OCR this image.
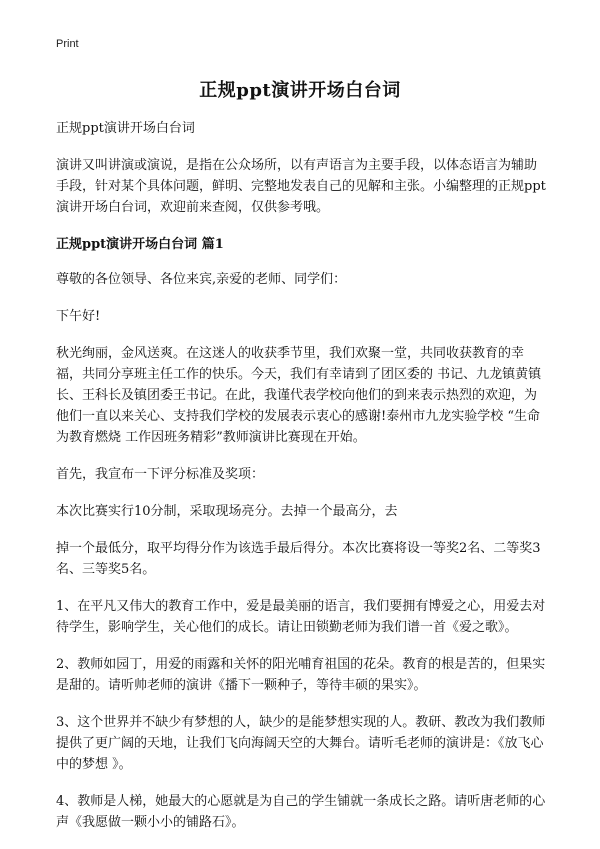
Print
正规ppt演讲开场白台词

正规ppt演讲开场白台词

演讲又叫讲演或演说，是指在公众场所，以有声语言为主要手段，以体态语言为辅助手段，针对某个具体问题，鲜明、完整地发表自己的见解和主张。小编整理的正规ppt演讲开场白台词，欢迎前来查阅，仅供参考哦。

正规ppt演讲开场白台词 篇1

尊敬的各位领导、各位来宾,亲爱的老师、同学们：

下午好!

秋光绚丽，金风送爽。在这迷人的收获季节里，我们欢聚一堂，共同收获教育的幸福，共同分享班主任工作的快乐。今天，我们有幸请到了团区委的 书记、九龙镇黄镇长、王科长及镇团委王书记。在此，我谨代表学校向他们的到来表示热烈的欢迎，为他们一直以来关心、支持我们学校的发展表示衷心的感谢!泰州市九龙实验学校 “生命为教育燃烧 工作因班务精彩”教师演讲比赛现在开始。

首先，我宣布一下评分标准及奖项：

本次比赛实行10分制，采取现场亮分。去掉一个最高分，去

掉一个最低分，取平均得分作为该选手最后得分。本次比赛将设一等奖2名、二等奖3名、三等奖5名。

1、在平凡又伟大的教育工作中，爱是最美丽的语言，我们要拥有博爱之心，用爱去对待学生，影响学生，关心他们的成长。请让田锁勤老师为我们谱一首《爱之歌》。

2、教师如园丁，用爱的雨露和关怀的阳光哺育祖国的花朵。教育的根是苦的，但果实是甜的。请听帅老师的演讲《播下一颗种子，等待丰硕的果实》。

3、这个世界并不缺少有梦想的人，缺少的是能梦想实现的人。教研、教改为我们教师提供了更广阔的天地，让我们飞向海阔天空的大舞台。请听毛老师的演讲是：《放飞心中的梦想 》。

4、教师是人梯，她最大的心愿就是为自己的学生铺就一条成长之路。请听唐老师的心声《我愿做一颗小小的铺路石》。
